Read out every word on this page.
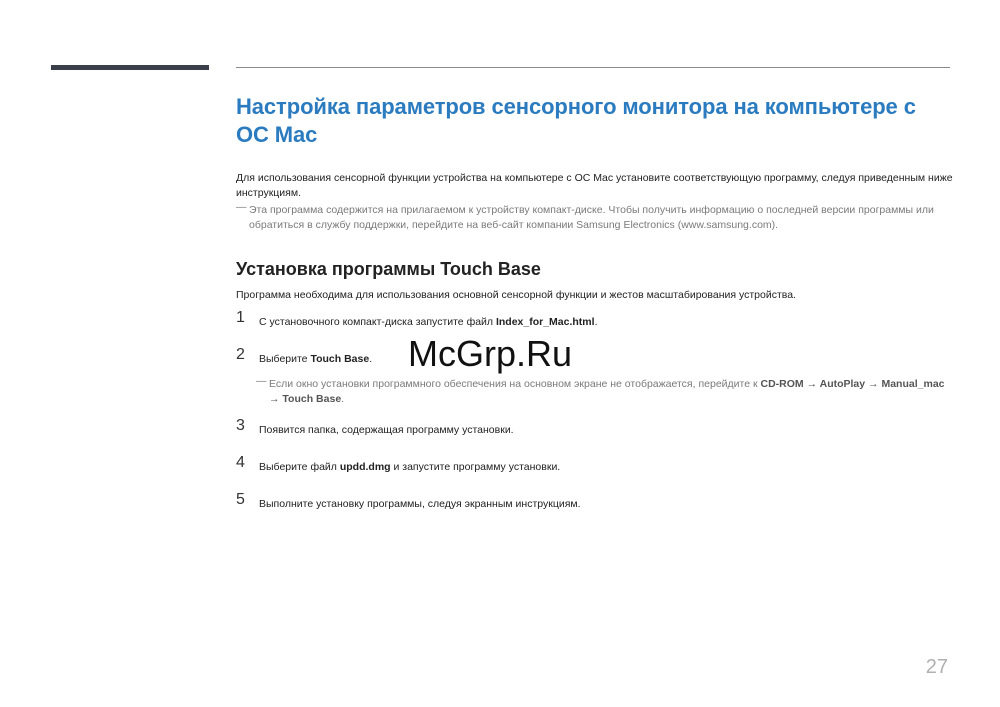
Настройка параметров сенсорного монитора на компьютере с ОС Mac
Для использования сенсорной функции устройства на компьютере с ОС Mac установите соответствующую программу, следуя приведенным ниже инструкциям.
― Эта программа содержится на прилагаемом к устройству компакт-диске. Чтобы получить информацию о последней версии программы или обратиться в службу поддержки, перейдите на веб-сайт компании Samsung Electronics (www.samsung.com).
Установка программы Touch Base
Программа необходима для использования основной сенсорной функции и жестов масштабирования устройства.
1 С установочного компакт-диска запустите файл Index_for_Mac.html.
2 Выберите Touch Base.
― Если окно установки программного обеспечения на основном экране не отображается, перейдите к CD-ROM → AutoPlay → Manual_mac
→ Touch Base.
3 Появится папка, содержащая программу установки.
4 Выберите файл updd.dmg и запустите программу установки.
5 Выполните установку программы, следуя экранным инструкциям.
McGrp.Ru
27
